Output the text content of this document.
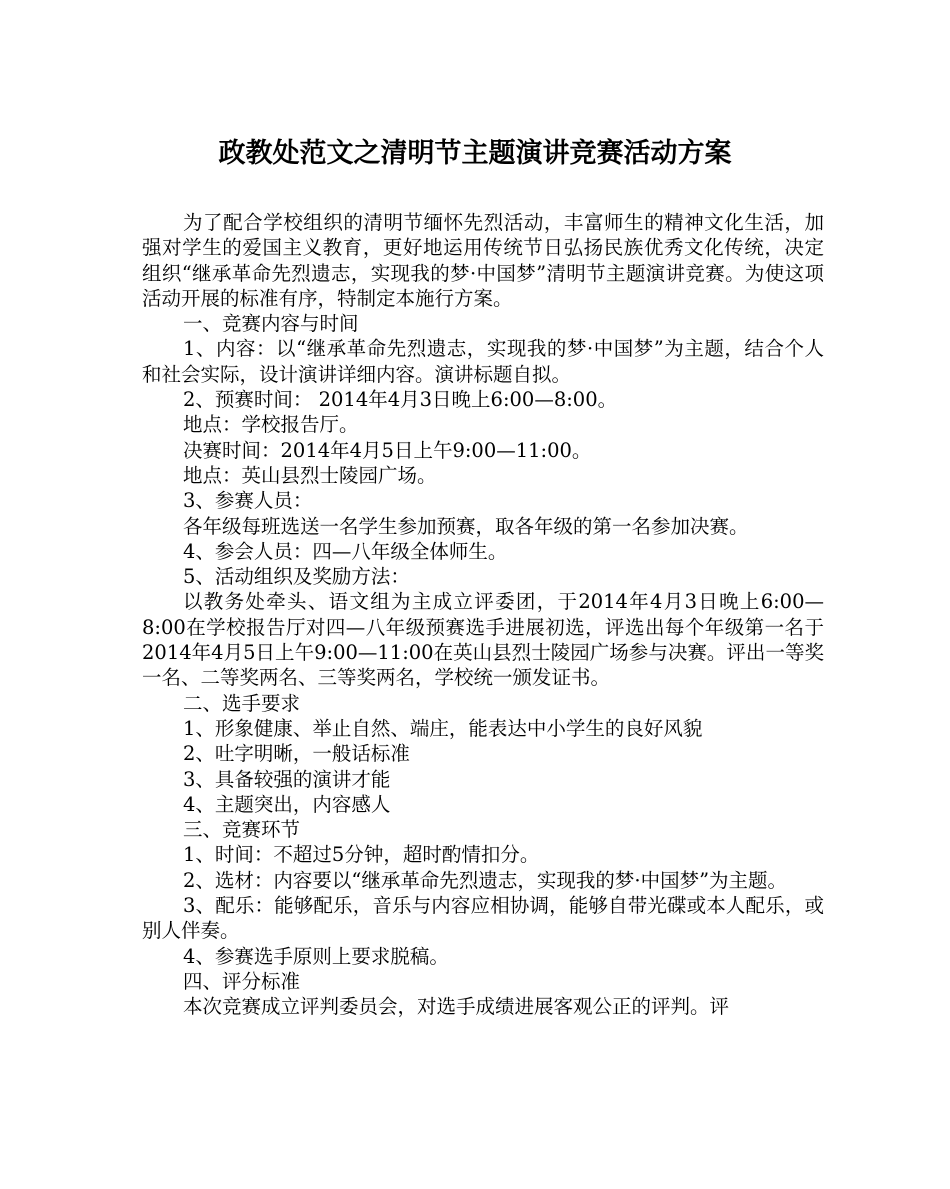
政教处范文之清明节主题演讲竞赛活动方案

为了配合学校组织的清明节缅怀先烈活动，丰富师生的精神文化生活，加强对学生的爱国主义教育，更好地运用传统节日弘扬民族优秀文化传统，决定组织“继承革命先烈遗志，实现我的梦·中国梦”清明节主题演讲竞赛。为使这项活动开展的标准有序，特制定本施行方案。

一、竞赛内容与时间

1、内容：以“继承革命先烈遗志，实现我的梦·中国梦”为主题，结合个人和社会实际，设计演讲详细内容。演讲标题自拟。

2、预赛时间： 2014年4月3日晚上6:00—8:00。

地点：学校报告厅。

决赛时间：2014年4月5日上午9:00—11:00。

地点：英山县烈士陵园广场。

3、参赛人员：

各年级每班选送一名学生参加预赛，取各年级的第一名参加决赛。

4、参会人员：四—八年级全体师生。

5、活动组织及奖励方法：

以教务处牵头、语文组为主成立评委团，于2014年4月3日晚上6:00—8:00在学校报告厅对四—八年级预赛选手进展初选，评选出每个年级第一名于2014年4月5日上午9:00—11:00在英山县烈士陵园广场参与决赛。评出一等奖一名、二等奖两名、三等奖两名，学校统一颁发证书。

二、选手要求

1、形象健康、举止自然、端庄，能表达中小学生的良好风貌

2、吐字明晰，一般话标准

3、具备较强的演讲才能

4、主题突出，内容感人

三、竞赛环节

1、时间：不超过5分钟，超时酌情扣分。

2、选材：内容要以“继承革命先烈遗志，实现我的梦·中国梦”为主题。

3、配乐：能够配乐，音乐与内容应相协调，能够自带光碟或本人配乐，或别人伴奏。

4、参赛选手原则上要求脱稿。

四、评分标准

本次竞赛成立评判委员会，对选手成绩进展客观公正的评判。评
